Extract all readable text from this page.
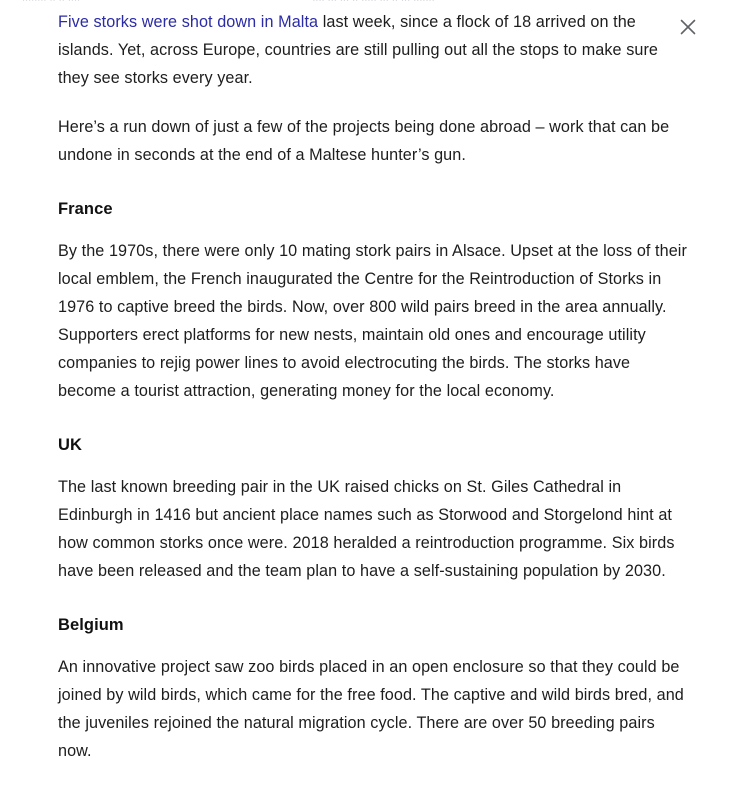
Five storks were shot down in Malta last week, since a flock of 18 arrived on the islands. Yet, across Europe, countries are still pulling out all the stops to make sure they see storks every year.

Here’s a run down of just a few of the projects being done abroad – work that can be undone in seconds at the end of a Maltese hunter’s gun.

France

By the 1970s, there were only 10 mating stork pairs in Alsace. Upset at the loss of their local emblem, the French inaugurated the Centre for the Reintroduction of Storks in 1976 to captive breed the birds. Now, over 800 wild pairs breed in the area annually. Supporters erect platforms for new nests, maintain old ones and encourage utility companies to rejig power lines to avoid electrocuting the birds. The storks have become a tourist attraction, generating money for the local economy.

UK

The last known breeding pair in the UK raised chicks on St. Giles Cathedral in Edinburgh in 1416 but ancient place names such as Storwood and Storgelond hint at how common storks once were. 2018 heralded a reintroduction programme. Six birds have been released and the team plan to have a self-sustaining population by 2030.

Belgium

An innovative project saw zoo birds placed in an open enclosure so that they could be joined by wild birds, which came for the free food. The captive and wild birds bred, and the juveniles rejoined the natural migration cycle. There are over 50 breeding pairs now.
